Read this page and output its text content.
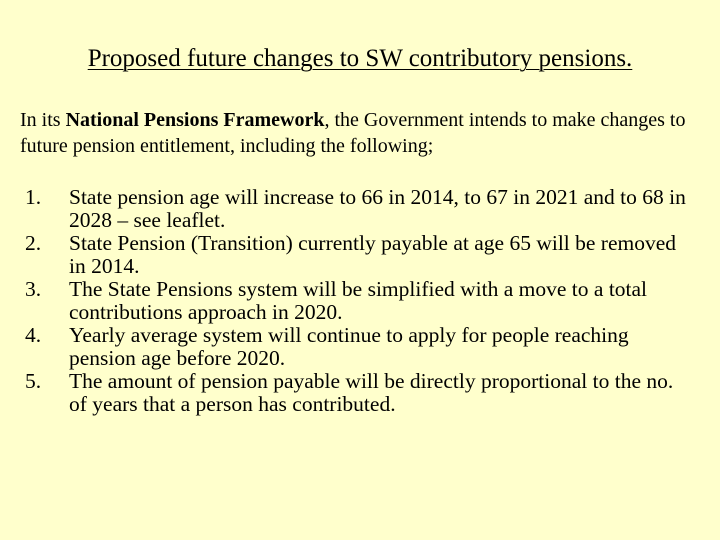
Proposed future changes to SW contributory pensions.
In its National Pensions Framework, the Government intends to make changes to future pension entitlement, including the following;
1.	State pension age will increase to 66 in 2014, to 67 in 2021 and to 68 in 2028 – see leaflet.
2.	State Pension (Transition) currently payable at age 65 will be removed in 2014.
3.	The State Pensions system will be simplified with a move to a total contributions approach in 2020.
4.	Yearly average system will continue to apply for people reaching pension age before 2020.
5.	The amount of pension payable will be directly proportional to the no. of years that a person has contributed.
